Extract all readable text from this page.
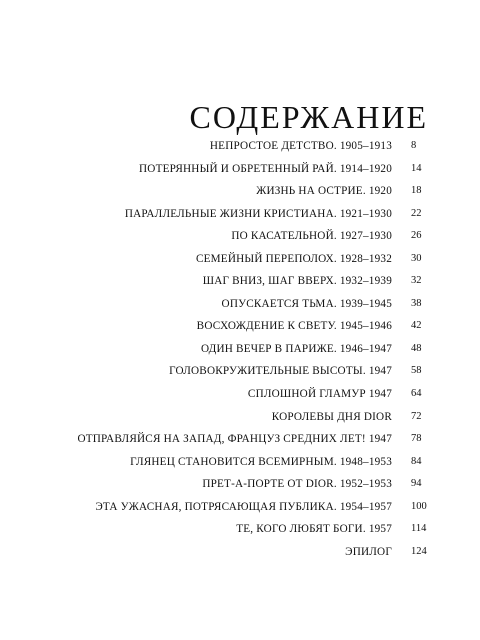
СОДЕРЖАНИЕ
НЕПРОСТОЕ ДЕТСТВО. 1905–1913 8
ПОТЕРЯННЫЙ И ОБРЕТЕННЫЙ РАЙ. 1914–1920 14
ЖИЗНЬ НА ОСТРИЕ. 1920 18
ПАРАЛЛЕЛЬНЫЕ ЖИЗНИ КРИСТИАНА. 1921–1930 22
ПО КАСАТЕЛЬНОЙ. 1927–1930 26
СЕМЕЙНЫЙ ПЕРЕПОЛОХ. 1928–1932 30
ШАГ ВНИЗ, ШАГ ВВЕРХ. 1932–1939 32
ОПУСКАЕТСЯ ТЬМА. 1939–1945 38
ВОСХОЖДЕНИЕ К СВЕТУ. 1945–1946 42
ОДИН ВЕЧЕР В ПАРИЖЕ. 1946–1947 48
ГОЛОВОКРУЖИТЕЛЬНЫЕ ВЫСОТЫ. 1947 58
СПЛОШНОЙ ГЛАМУР 1947 64
КОРОЛЕВЫ ДНЯ DIOR 72
ОТПРАВЛЯЙСЯ НА ЗАПАД, ФРАНЦУЗ СРЕДНИХ ЛЕТ! 1947 78
ГЛЯНЕЦ СТАНОВИТСЯ ВСЕМИРНЫМ. 1948–1953 84
ПРЕТ-А-ПОРТЕ ОТ DIOR. 1952–1953 94
ЭТА УЖАСНАЯ, ПОТРЯСАЮЩАЯ ПУБЛИКА. 1954–1957 100
ТЕ, КОГО ЛЮБЯТ БОГИ. 1957 114
ЭПИЛОГ 124
